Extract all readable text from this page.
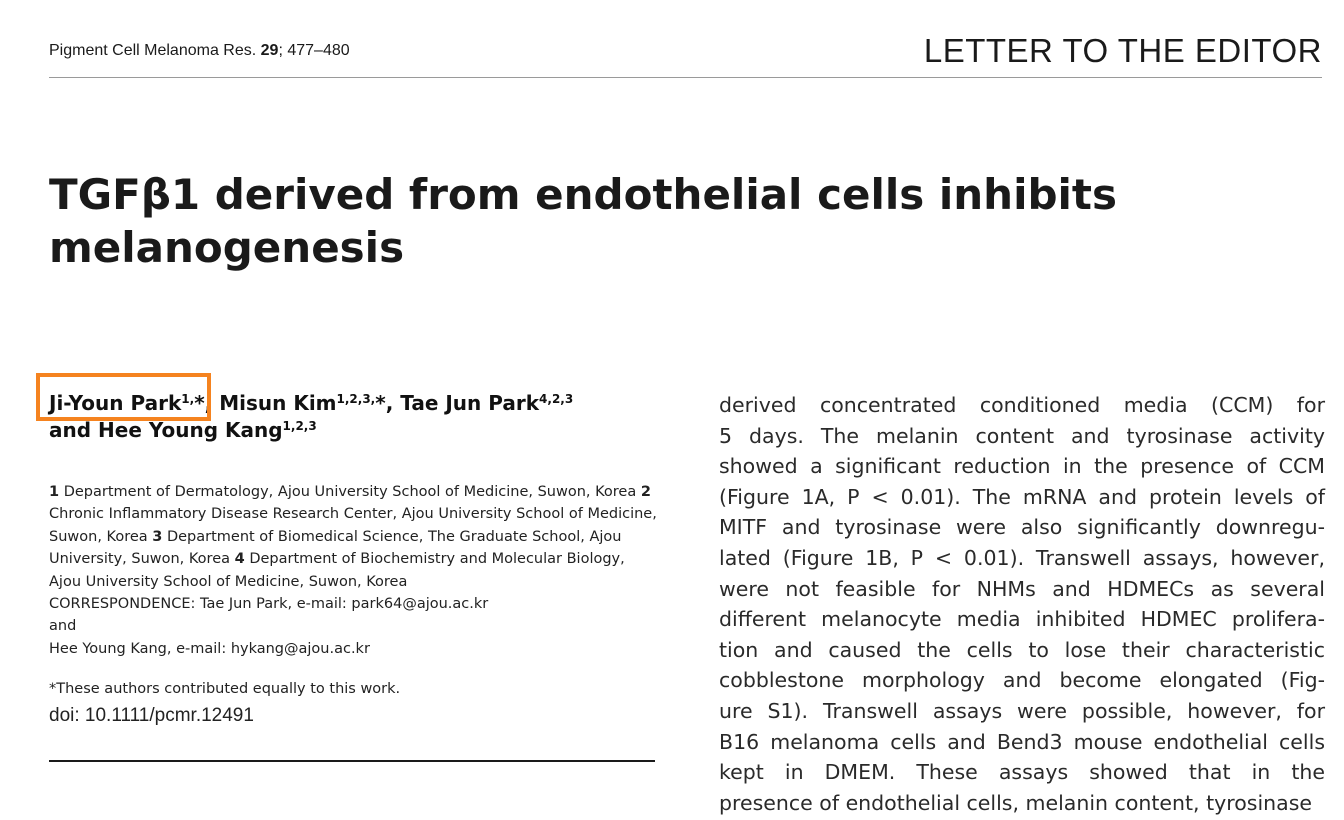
Pigment Cell Melanoma Res. 29; 477–480	LETTER TO THE EDITOR
TGFβ1 derived from endothelial cells inhibits
melanogenesis
Ji-Youn Park$^{1,}$*, Misun Kim$^{1,2,3,}$*, Tae Jun Park$^{4,2,3}$
and Hee Young Kang$^{1,2,3}$
1 Department of Dermatology, Ajou University School of Medicine, Suwon, Korea 2 Chronic Inflammatory Disease Research Center, Ajou University School of Medicine, Suwon, Korea 3 Department of Biomedical Science, The Graduate School, Ajou University, Suwon, Korea 4 Department of Biochemistry and Molecular Biology, Ajou University School of Medicine, Suwon, Korea
CORRESPONDENCE: Tae Jun Park, e-mail: park64@ajou.ac.kr
and
Hee Young Kang, e-mail: hykang@ajou.ac.kr
*These authors contributed equally to this work.
doi: 10.1111/pcmr.12491
derived concentrated conditioned media (CCM) for
5 days. The melanin content and tyrosinase activity
showed a significant reduction in the presence of CCM
(Figure 1A, P < 0.01). The mRNA and protein levels of
MITF and tyrosinase were also significantly downregu-
lated (Figure 1B, P < 0.01). Transwell assays, however,
were not feasible for NHMs and HDMECs as several
different melanocyte media inhibited HDMEC prolifera-
tion and caused the cells to lose their characteristic
cobblestone morphology and become elongated (Fig-
ure S1). Transwell assays were possible, however, for
B16 melanoma cells and Bend3 mouse endothelial cells
kept in DMEM. These assays showed that in the
presence of endothelial cells, melanin content, tyrosinase
